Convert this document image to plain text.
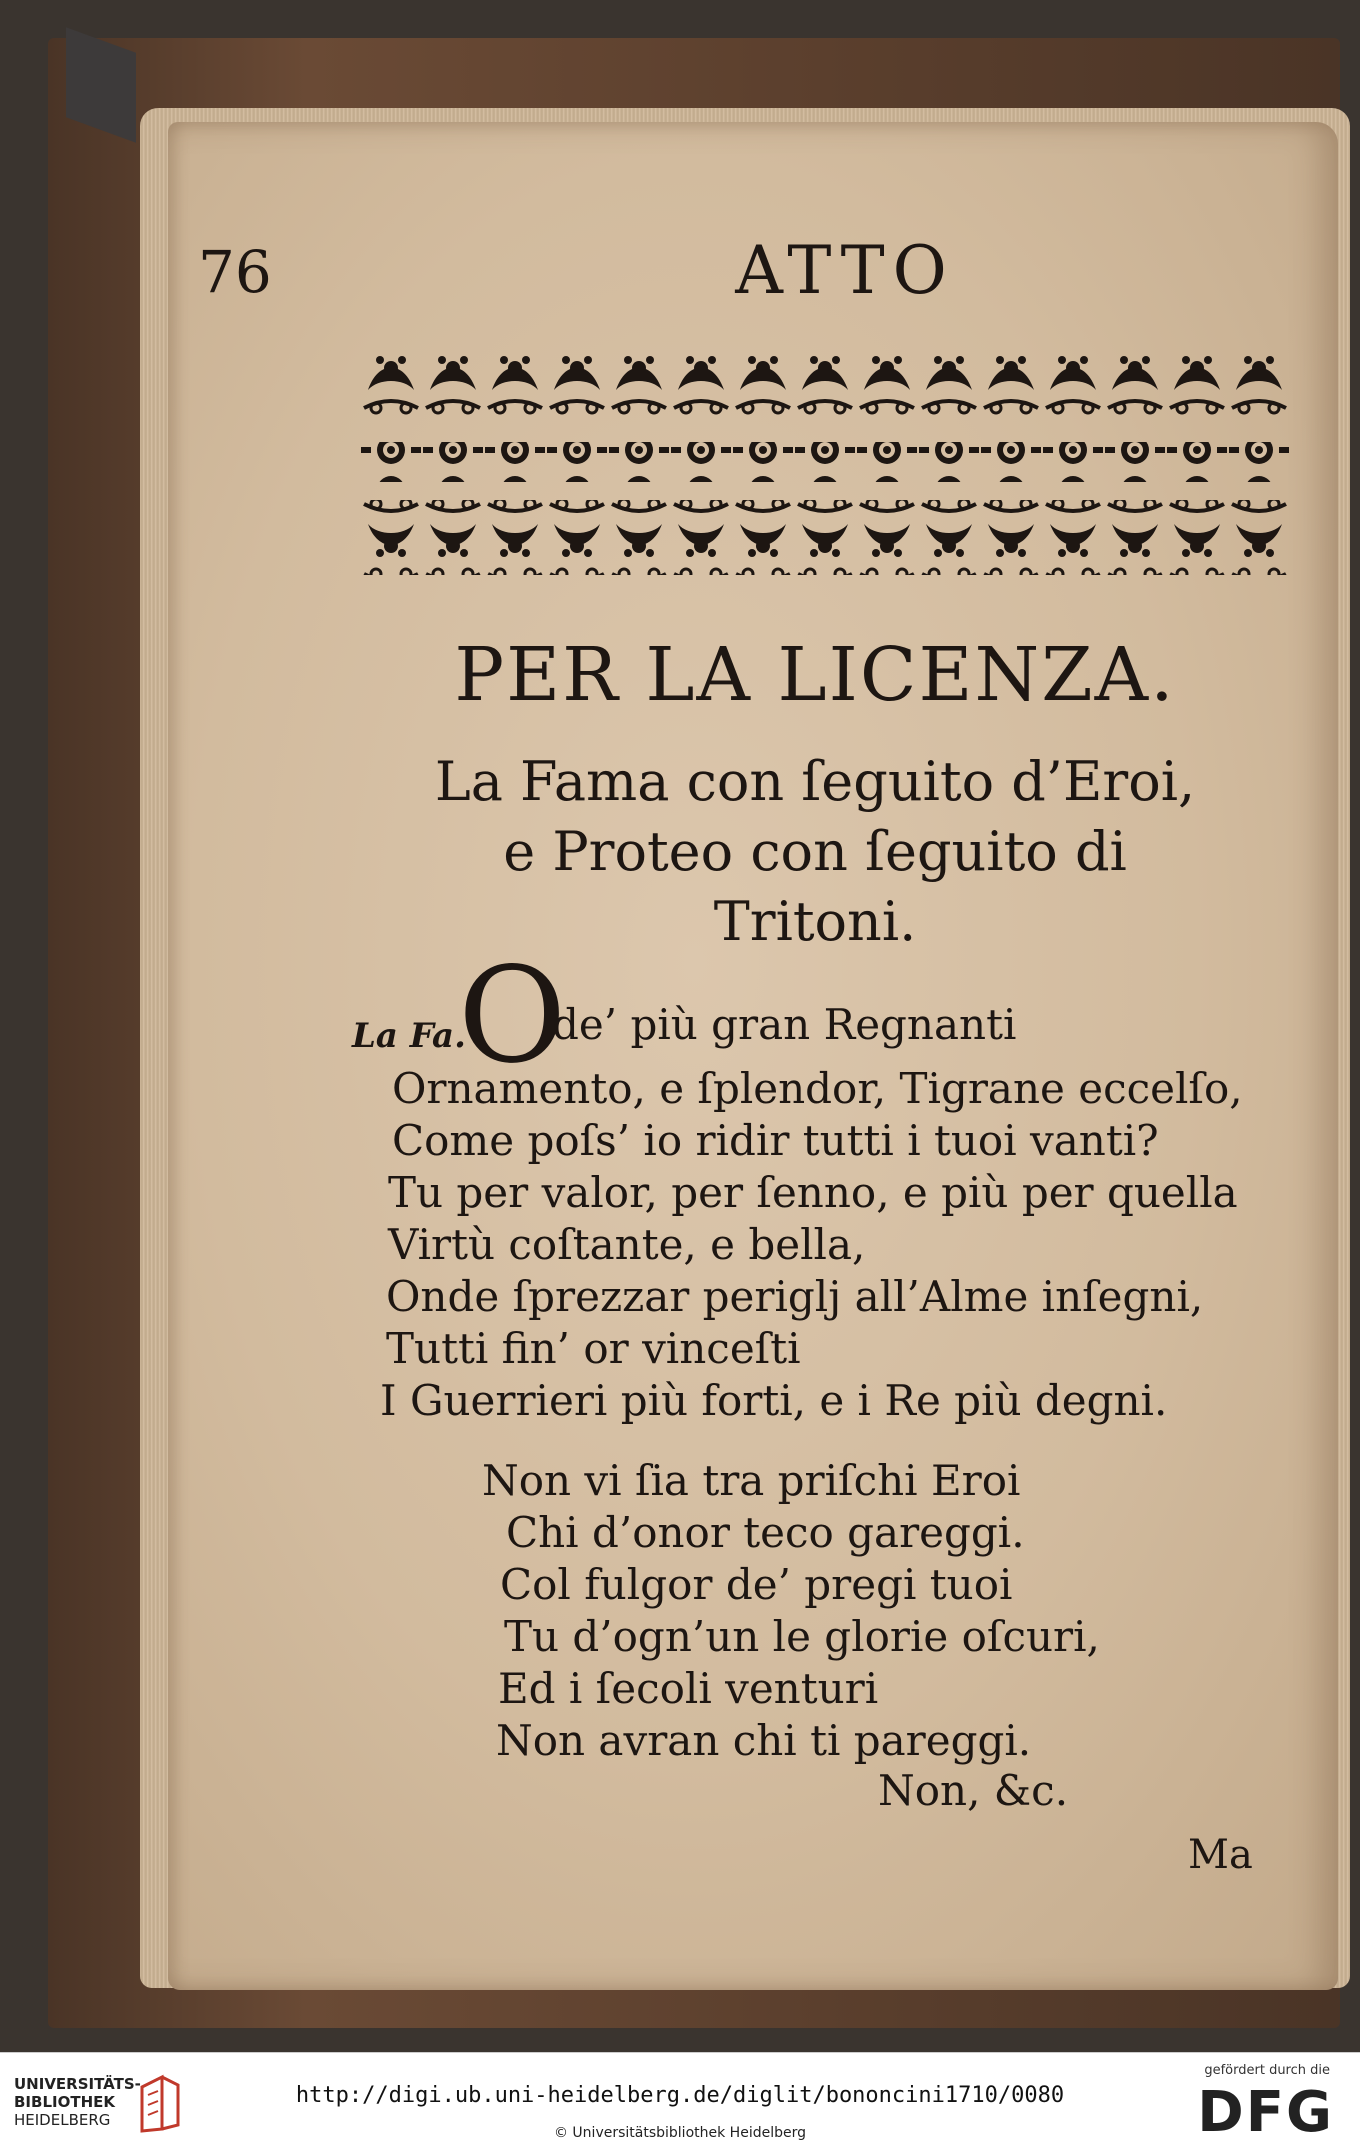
76	ATTO
PER LA LICENZA.
La Fama con ſeguito d’Eroi,
e Proteo con ſeguito di
Tritoni.
La Fa.
O
de’ più gran Regnanti
Ornamento, e ſplendor, Tigrane eccelſo,
Come poſs’ io ridir tutti i tuoi vanti?
Tu per valor, per ſenno, e più per quella
Virtù coſtante, e bella,
Onde ſprezzar periglj all’Alme inſegni,
Tutti fin’ or vinceſti
I Guerrieri più forti, e i Re più degni.
Non vi ſia tra priſchi Eroi
Chi d’onor teco gareggi.
Col fulgor de’ pregi tuoi
Tu d’ogn’un le glorie oſcuri,
Ed i ſecoli venturi
Non avran chi ti pareggi.
Non, &c.
Ma
UNIVERSITÄTS-
BIBLIOTHEK
HEIDELBERG
http://digi.ub.uni-heidelberg.de/diglit/bononcini1710/0080
© Universitätsbibliothek Heidelberg
gefördert durch die
DFG
